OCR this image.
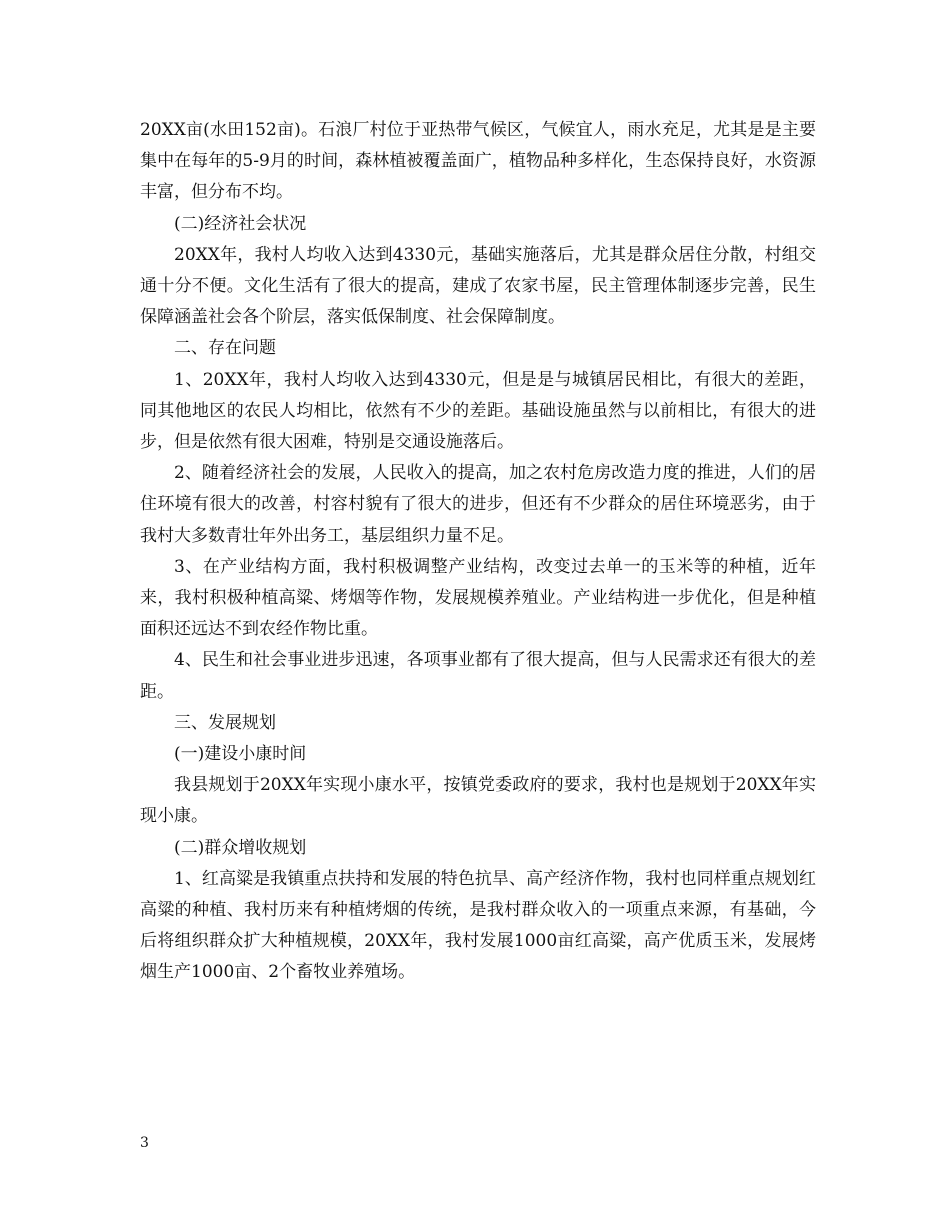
20XX亩(水田152亩)。石浪厂村位于亚热带气候区，气候宜人，雨水充足，尤其是是主要集中在每年的5-9月的时间，森林植被覆盖面广，植物品种多样化，生态保持良好，水资源丰富，但分布不均。

(二)经济社会状况

20XX年，我村人均收入达到4330元，基础实施落后，尤其是群众居住分散，村组交通十分不便。文化生活有了很大的提高，建成了农家书屋，民主管理体制逐步完善，民生保障涵盖社会各个阶层，落实低保制度、社会保障制度。

二、存在问题

1、20XX年，我村人均收入达到4330元，但是是与城镇居民相比，有很大的差距，同其他地区的农民人均相比，依然有不少的差距。基础设施虽然与以前相比，有很大的进步，但是依然有很大困难，特别是交通设施落后。

2、随着经济社会的发展，人民收入的提高，加之农村危房改造力度的推进，人们的居住环境有很大的改善，村容村貌有了很大的进步，但还有不少群众的居住环境恶劣，由于我村大多数青壮年外出务工，基层组织力量不足。

3、在产业结构方面，我村积极调整产业结构，改变过去单一的玉米等的种植，近年来，我村积极种植高粱、烤烟等作物，发展规模养殖业。产业结构进一步优化，但是种植面积还远达不到农经作物比重。

4、民生和社会事业进步迅速，各项事业都有了很大提高，但与人民需求还有很大的差距。

三、发展规划

(一)建设小康时间

我县规划于20XX年实现小康水平，按镇党委政府的要求，我村也是规划于20XX年实现小康。

(二)群众增收规划

1、红高粱是我镇重点扶持和发展的特色抗旱、高产经济作物，我村也同样重点规划红高粱的种植、我村历来有种植烤烟的传统，是我村群众收入的一项重点来源，有基础，今后将组织群众扩大种植规模，20XX年，我村发展1000亩红高粱，高产优质玉米，发展烤烟生产1000亩、2个畜牧业养殖场。

3
